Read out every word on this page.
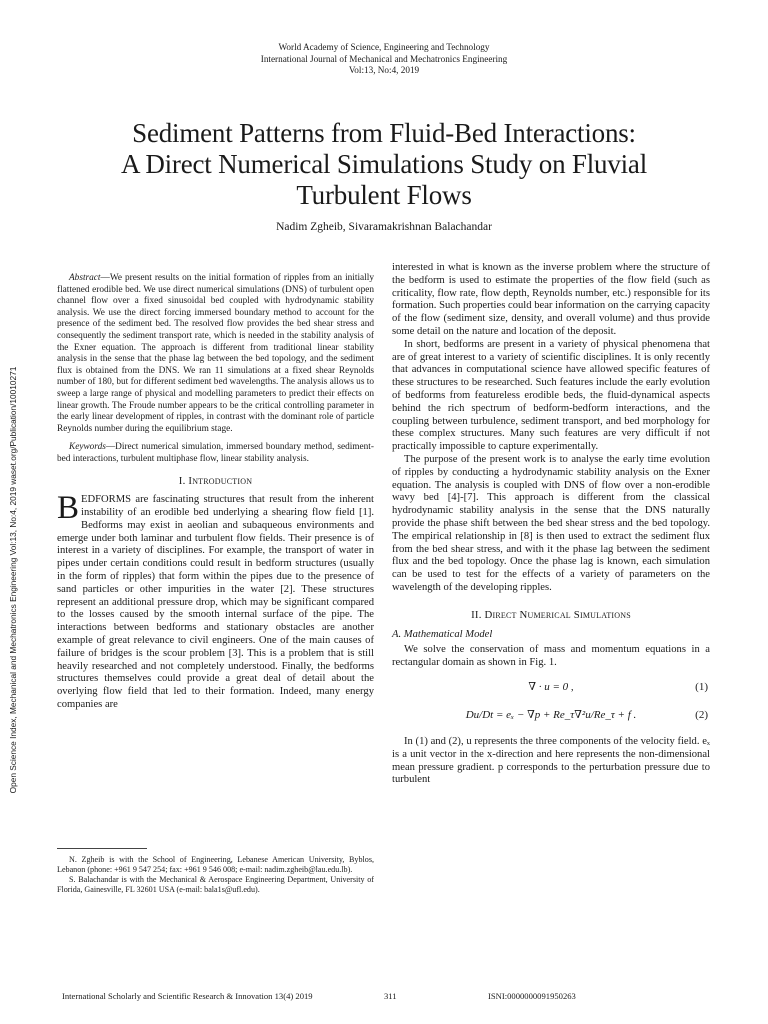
World Academy of Science, Engineering and Technology
International Journal of Mechanical and Mechatronics Engineering
Vol:13, No:4, 2019
Sediment Patterns from Fluid-Bed Interactions:
A Direct Numerical Simulations Study on Fluvial
Turbulent Flows
Nadim Zgheib, Sivaramakrishnan Balachandar
Open Science Index, Mechanical and Mechatronics Engineering Vol:13, No:4, 2019 waset.org/Publication/10010271

Abstract—We present results on the initial formation of ripples from an initially flattened erodible bed. We use direct numerical simulations (DNS) of turbulent open channel flow over a fixed sinusoidal bed coupled with hydrodynamic stability analysis. We use the direct forcing immersed boundary method to account for the presence of the sediment bed. The resolved flow provides the bed shear stress and consequently the sediment transport rate, which is needed in the stability analysis of the Exner equation. The approach is different from traditional linear stability analysis in the sense that the phase lag between the bed topology, and the sediment flux is obtained from the DNS. We ran 11 simulations at a fixed shear Reynolds number of 180, but for different sediment bed wavelengths. The analysis allows us to sweep a large range of physical and modelling parameters to predict their effects on linear growth. The Froude number appears to be the critical controlling parameter in the early linear development of ripples, in contrast with the dominant role of particle Reynolds number during the equilibrium stage.

Keywords—Direct numerical simulation, immersed boundary method, sediment-bed interactions, turbulent multiphase flow, linear stability analysis.

I. Introduction

BEDFORMS are fascinating structures that result from the inherent instability of an erodible bed underlying a shearing flow field [1]. Bedforms may exist in aeolian and subaqueous environments and emerge under both laminar and turbulent flow fields. Their presence is of interest in a variety of disciplines. For example, the transport of water in pipes under certain conditions could result in bedform structures (usually in the form of ripples) that form within the pipes due to the presence of sand particles or other impurities in the water [2]. These structures represent an additional pressure drop, which may be significant compared to the losses caused by the smooth internal surface of the pipe. The interactions between bedforms and stationary obstacles are another example of great relevance to civil engineers. One of the main causes of failure of bridges is the scour problem [3]. This is a problem that is still heavily researched and not completely understood. Finally, the bedforms structures themselves could provide a great deal of detail about the overlying flow field that led to their formation. Indeed, many energy companies are

N. Zgheib is with the School of Engineering, Lebanese American University, Byblos, Lebanon (phone: +961 9 547 254; fax: +961 9 546 008; e-mail: nadim.zgheib@lau.edu.lb).

S. Balachandar is with the Mechanical & Aerospace Engineering Department, University of Florida, Gainesville, FL 32601 USA (e-mail: bala1s@ufl.edu).

interested in what is known as the inverse problem where the structure of the bedform is used to estimate the properties of the flow field (such as criticality, flow rate, flow depth, Reynolds number, etc.) responsible for its formation. Such properties could bear information on the carrying capacity of the flow (sediment size, density, and overall volume) and thus provide some detail on the nature and location of the deposit.

In short, bedforms are present in a variety of physical phenomena that are of great interest to a variety of scientific disciplines. It is only recently that advances in computational science have allowed specific features of these structures to be researched. Such features include the early evolution of bedforms from featureless erodible beds, the fluid-dynamical aspects behind the rich spectrum of bedform-bedform interactions, and the coupling between turbulence, sediment transport, and bed morphology for these complex structures. Many such features are very difficult if not practically impossible to capture experimentally.

The purpose of the present work is to analyse the early time evolution of ripples by conducting a hydrodynamic stability analysis on the Exner equation. The analysis is coupled with DNS of flow over a non-erodible wavy bed [4]-[7]. This approach is different from the classical hydrodynamic stability analysis in the sense that the DNS naturally provide the phase shift between the bed shear stress and the bed topology. The empirical relationship in [8] is then used to extract the sediment flux from the bed shear stress, and with it the phase lag between the sediment flux and the bed topology. Once the phase lag is known, each simulation can be used to test for the effects of a variety of parameters on the wavelength of the developing ripples.

II. Direct Numerical Simulations
A. Mathematical Model

We solve the conservation of mass and momentum equations in a rectangular domain as shown in Fig. 1.

∇ · u = 0 ,	(1)
Du/Dt = eₓ − ∇p + Re_τ∇²u/Re_τ + f .	(2)

In (1) and (2), u represents the three components of the velocity field. eₓ is a unit vector in the x-direction and here represents the non-dimensional mean pressure gradient. p corresponds to the perturbation pressure due to turbulent

International Scholarly and Scientific Research & Innovation 13(4) 2019	311	ISNI:0000000091950263
